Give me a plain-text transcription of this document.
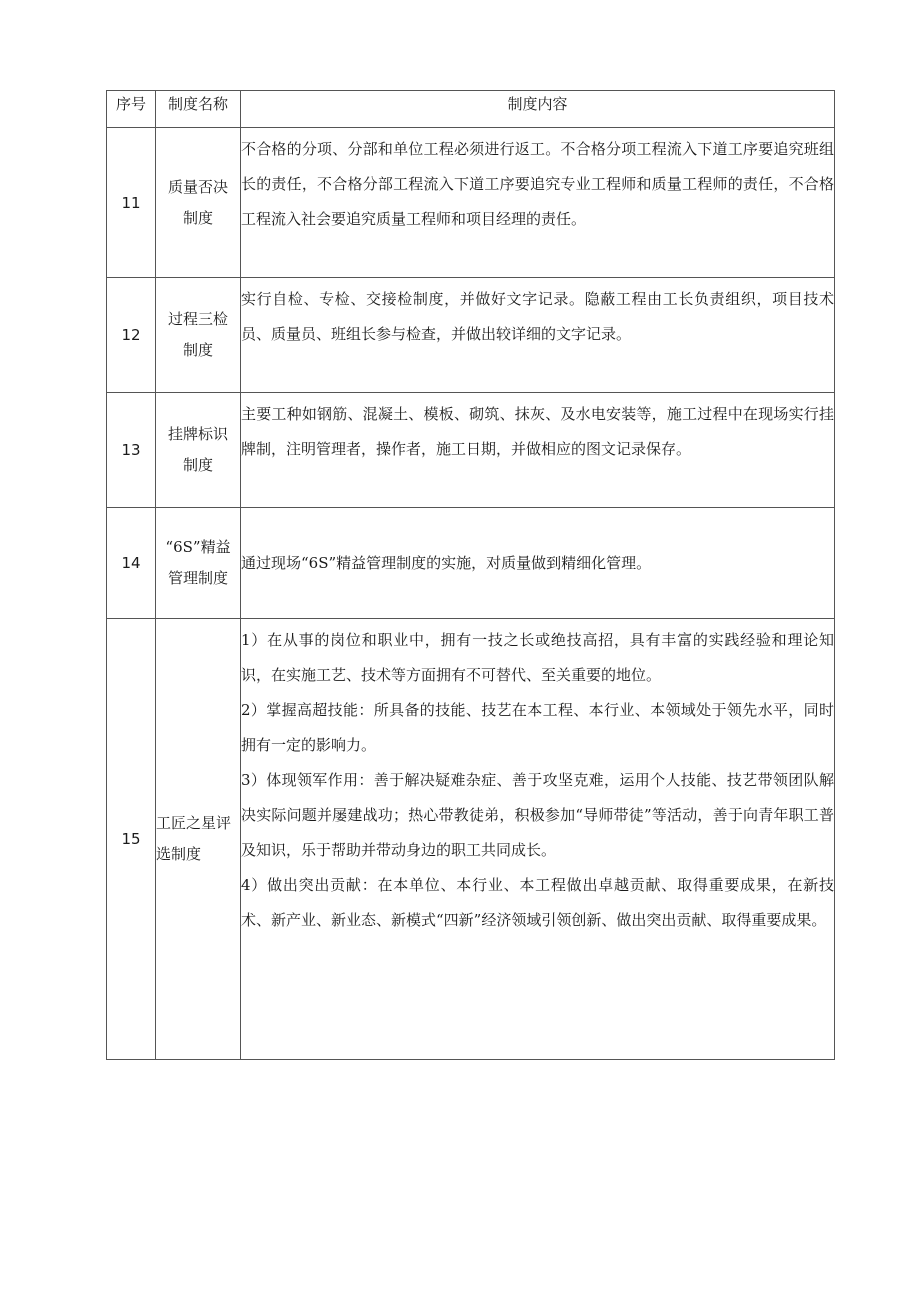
序号	制度名称	制度内容
11	质量否决制度	不合格的分项、分部和单位工程必须进行返工。不合格分项工程流入下道工序要追究班组长的责任，不合格分部工程流入下道工序要追究专业工程师和质量工程师的责任，不合格工程流入社会要追究质量工程师和项目经理的责任。

12	过程三检制度	实行自检、专检、交接检制度，并做好文字记录。隐蔽工程由工长负责组织，项目技术员、质量员、班组长参与检查，并做出较详细的文字记录。

13	挂牌标识制度	主要工种如钢筋、混凝土、模板、砌筑、抹灰、及水电安装等，施工过程中在现场实行挂牌制，注明管理者，操作者，施工日期，并做相应的图文记录保存。

14	“6S”精益管理制度	通过现场“6S”精益管理制度的实施，对质量做到精细化管理。

15	工匠之星评选制度	1）在从事的岗位和职业中，拥有一技之长或绝技高招，具有丰富的实践经验和理论知识，在实施工艺、技术等方面拥有不可替代、至关重要的地位。

2）掌握高超技能：所具备的技能、技艺在本工程、本行业、本领域处于领先水平，同时拥有一定的影响力。

3）体现领军作用：善于解决疑难杂症、善于攻坚克难，运用个人技能、技艺带领团队解决实际问题并屡建战功；热心带教徒弟，积极参加“导师带徒”等活动，善于向青年职工普及知识，乐于帮助并带动身边的职工共同成长。

4）做出突出贡献：在本单位、本行业、本工程做出卓越贡献、取得重要成果，在新技术、新产业、新业态、新模式“四新”经济领域引领创新、做出突出贡献、取得重要成果。
